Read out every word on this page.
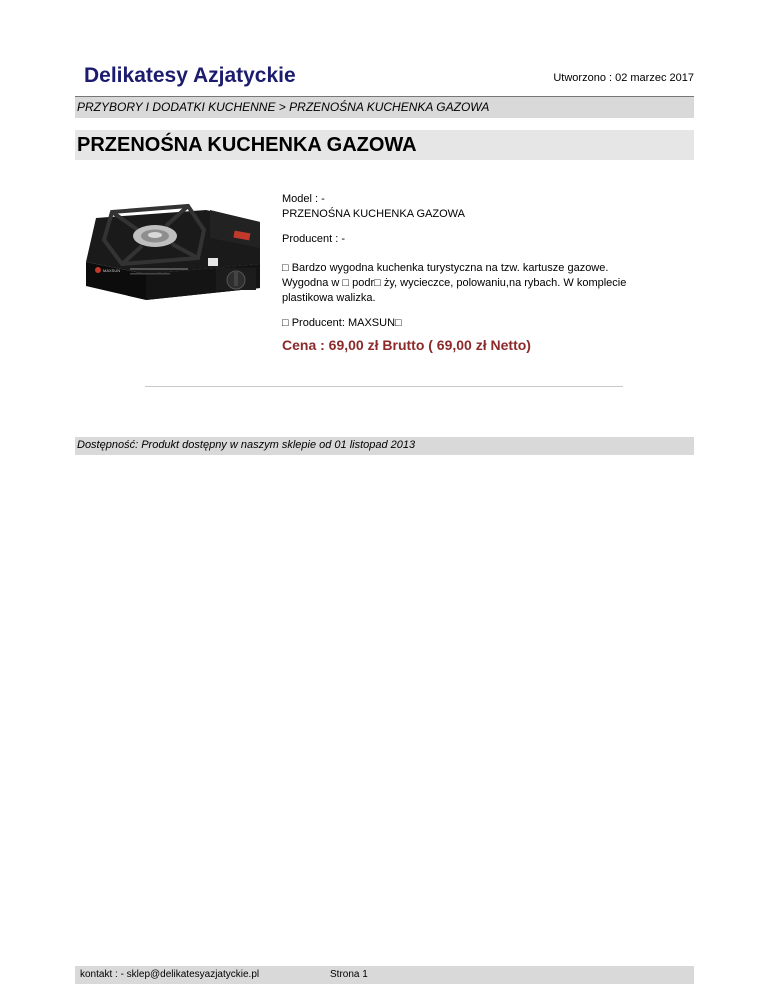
Delikatesy Azjatyckie	Utworzono : 02 marzec 2017
PRZYBORY I DODATKI KUCHENNE > PRZENOŚNA KUCHENKA GAZOWA
PRZENOŚNA KUCHENKA GAZOWA
MAXSUN

Model : -

PRZENOŚNA KUCHENKA GAZOWA

Producent : -

□ Bardzo wygodna kuchenka turystyczna na tzw. kartusze gazowe.

Wygodna w □ podr□ ży, wycieczce, polowaniu,na rybach. W komplecie

plastikowa walizka.

□ Producent: MAXSUN□

Cena : 69,00 zł Brutto ( 69,00 zł Netto)
Dostępność: Produkt dostępny w naszym sklepie od 01 listopad 2013
kontakt : - sklep@delikatesyazjatyckie.pl	Strona 1
